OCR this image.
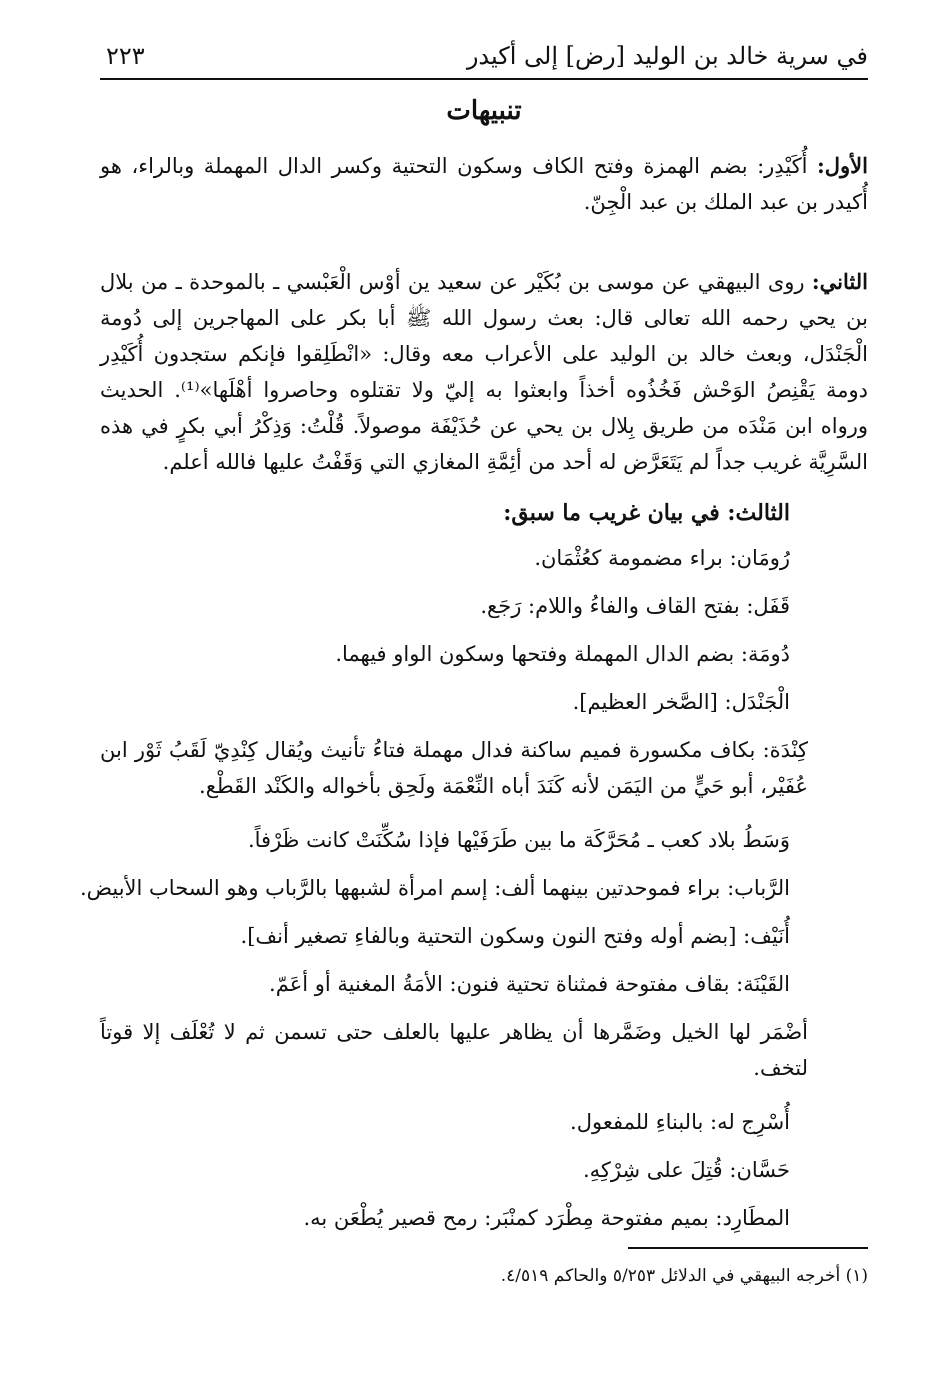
في سرية خالد بن الوليد [رض] إلى أكيدر
٢٢٣
تنبيهات
الأول: أُكَيْدِر: بضم الهمزة وفتح الكاف وسكون التحتية وكسر الدال المهملة وبالراء، هو أُكيدر بن عبد الملك بن عبد الْجِنّ.
الثاني: روى البيهقي عن موسى بن بُكَيْر عن سعيد ين أوْس الْعَبْسي ـ بالموحدة ـ من بلال بن يحي رحمه الله تعالى قال: بعث رسول الله ﷺ أبا بكر على المهاجرين إلى دُومة الْجَنْدَل، وبعث خالد بن الوليد على الأعراب معه وقال: «انْطَلِقوا فإنكم ستجدون أُكَيْدِر دومة يَقْنِصُ الوَحْش فَخُذُوه أخذاً وابعثوا به إليّ ولا تقتلوه وحاصروا أهْلَها»⁽¹⁾. الحديث ورواه ابن مَنْدَه من طريق بِلال بن يحي عن حُذَيْفَة موصولاً. قُلْتُ: وَذِكْرُ أبي بكرٍ في هذه السَّرِيَّة غريب جداً لم يَتَعَرَّض له أحد من أئِمَّةِ المغازي التي وَقَفْتُ عليها فالله أعلم.
الثالث: في بيان غريب ما سبق:
رُومَان: براء مضمومة كعُثْمَان.
قَفَل: بفتح القاف والفاءُ واللام: رَجَع.
دُومَة: بضم الدال المهملة وفتحها وسكون الواو فيهما.
الْجَنْدَل: [الصَّخر العظيم].
كِنْدَة: بكاف مكسورة فميم ساكنة فدال مهملة فتاءُ تأنيث ويُقال كِنْدِيّ لَقَبُ ثَوْر ابن عُفَيْر، أبو حَيٍّ من اليَمَن لأنه كَنَدَ أباه النِّعْمَة ولَحِق بأخواله والكَنْد القَطْع.
وَسَطُ بلاد كعب ـ مُحَرَّكَة ما بين طَرَفَيْها فإذا سُكِّنَتْ كانت ظَرْفاً.
الرَّباب: براء فموحدتين بينهما ألف: إسم امرأة لشبهها بالرَّباب وهو السحاب الأبيض.
أُنَيْف: [بضم أوله وفتح النون وسكون التحتية وبالفاءِ تصغير أنف].
القَيْنَة: بقاف مفتوحة فمثناة تحتية فنون: الأمَةُ المغنية أو أعَمّ.
أضْمَر لها الخيل وضَمَّرها أن يظاهر عليها بالعلف حتى تسمن ثم لا تُعْلَف إلا قوتاً لتخف.
أُسْرِج له: بالبناءِ للمفعول.
حَسَّان: قُتِلَ على شِرْكِهِ.
المطَارِد: بميم مفتوحة مِطْرَد كمنْبَر: رمح قصير يُطْعَن به.
(١) أخرجه البيهقي في الدلائل ٥/٢٥٣ والحاكم ٤/٥١٩.
